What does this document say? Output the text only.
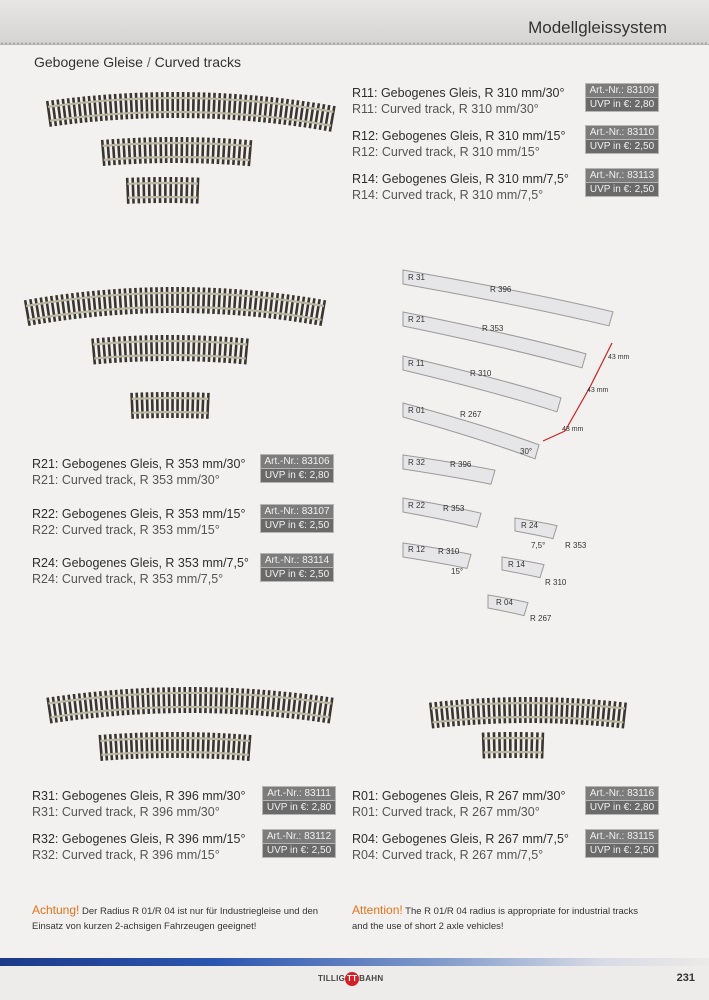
Modellgleissystem
Gebogene Gleise / Curved tracks
R 31
R 396
R 21
R 353
R 11
R 310
R 01	R 267
R 32	R 396
R 22 R 353
R 12 R 310
R 24
R 353
R 14
R 310
R 04
R 267
43 mm
43 mm
43 mm
30°
15°
7,5°
R11: Gebogenes Gleis, R 310 mm/30°
R11: Curved track, R 310 mm/30°
Art.-Nr.: 83109
UVP in €: 2,80
R12: Gebogenes Gleis, R 310 mm/15°
R12: Curved track, R 310 mm/15°
Art.-Nr.: 83110
UVP in €: 2,50
R14: Gebogenes Gleis, R 310 mm/7,5°
R14: Curved track, R 310 mm/7,5°
Art.-Nr.: 83113
UVP in €: 2,50
R21: Gebogenes Gleis, R 353 mm/30°
R21: Curved track, R 353 mm/30°
Art.-Nr.: 83106
UVP in €: 2,80
R22: Gebogenes Gleis, R 353 mm/15°
R22: Curved track, R 353 mm/15°
Art.-Nr.: 83107
UVP in €: 2,50
R24: Gebogenes Gleis, R 353 mm/7,5°
R24: Curved track, R 353 mm/7,5°
Art.-Nr.: 83114
UVP in €: 2,50
R31: Gebogenes Gleis, R 396 mm/30°
R31: Curved track, R 396 mm/30°
Art.-Nr.: 83111
UVP in €: 2,80
R32: Gebogenes Gleis, R 396 mm/15°
R32: Curved track, R 396 mm/15°
Art.-Nr.: 83112
UVP in €: 2,50
R01: Gebogenes Gleis, R 267 mm/30°
R01: Curved track, R 267 mm/30°
Art.-Nr.: 83116
UVP in €: 2,80
R04: Gebogenes Gleis, R 267 mm/7,5°
R04: Curved track, R 267 mm/7,5°
Art.-Nr.: 83115
UVP in €: 2,50
Achtung! Der Radius R 01/R 04 ist nur für Industriegleise und den Einsatz von kurzen 2-achsigen Fahrzeugen geeignet!
Attention! The R 01/R 04 radius is appropriate for industrial tracks and the use of short 2 axle vehicles!
TILLIG TT BAHN	231
